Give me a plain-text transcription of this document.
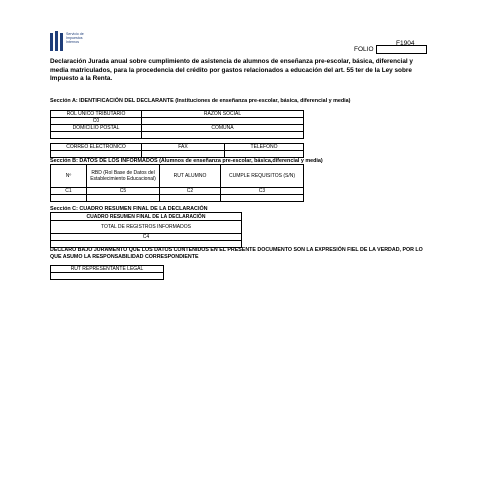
Servicio de
Impuestos
Internos	F1904
FOLIO
Declaración Jurada anual sobre cumplimiento de asistencia de alumnos de enseñanza pre-escolar, básica, diferencial y media matriculados, para la procedencia del crédito por gastos relacionados a educación del art. 55 ter de la Ley sobre Impuesto a la Renta.
Sección A: IDENTIFICACIÓN DEL DECLARANTE (Instituciones de enseñanza pre-escolar, básica, diferencial y media)
ROL ÚNICO TRIBUTARIO	RAZÓN SOCIAL	
C0		
DOMICILIO POSTAL	COMUNA	

CORREO ELECTRÓNICO	FAX	TELÉFONO

Sección B: DATOS DE LOS INFORMADOS (Alumnos de enseñanza pre-escolar, básica,diferencial y media)
Nº	RBD (Rol Base de Datos del Establecimiento Educacional)	RUT ALUMNO	CUMPLE REQUISITOS (S/N)
C1	C5	C2	C3

Sección C: CUADRO RESUMEN FINAL DE LA DECLARACIÓN
CUADRO RESUMEN FINAL DE LA DECLARACIÓN
TOTAL DE REGISTROS INFORMADOS
C4

DECLARO BAJO JURAMENTO QUE LOS DATOS CONTENIDOS EN EL PRESENTE DOCUMENTO SON LA EXPRESIÓN FIEL DE LA VERDAD, POR LO QUE ASUMO LA RESPONSABILIDAD CORRESPONDIENTE
RUT REPRESENTANTE LEGAL
